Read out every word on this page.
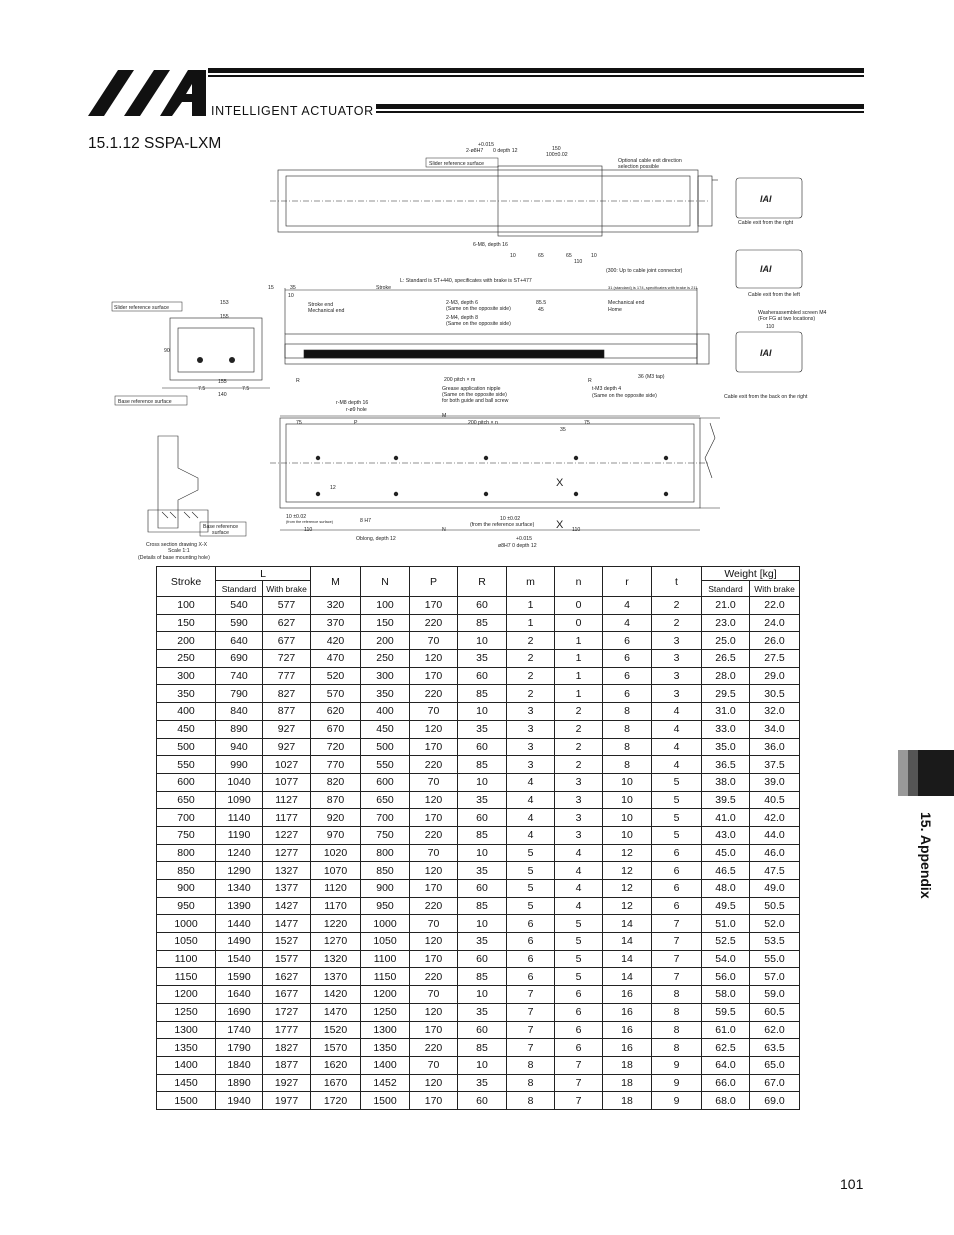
INTELLIGENT ACTUATOR
15.1.12 SSPA-LXM
IAI
IAI
IAI
+0.015
2-ø8H7 0 depth 12	150
100±0.02
Slider reference surface	Optional cable exit direction
selection possible
6-M8, depth 16
10	65	65	10
110
Cable exit from the right
(300: Up to cable joint connector)
L: Standard is ST+440, specificates with brake is ST+477
Stroke
15	35
10
Stroke end
Mechanical end
2-M3, depth 6
(Same on the opposite side)
2-M4, depth 8
(Same on the opposite side)
85.5
45
Mechanical end
Home
31 (standard) is 174, specificates with brake is 211
Cable exit from the left
Washerassembled screen M4
(For FG at two locations)
110
153
155
90
7.5	7.5
155
140
Base reference surface
Slider reference surface
R	R
200 pitch × m
Grease application nipple
(Same on the opposite side)
for both guide and ball screw
t-M3 depth 4
(Same on the opposite side)
36 (M3 tap)
Cable exit from the back on the right
r-M8 depth 16
r-ø9 hole
M
P
75	75
200 pitch × n
35
12
110	110
10 ±0.02
(from the reference surface)	8 H7
Oblong, depth 12
N
10 ±0.02
(from the reference surface)
+0.015
ø8H7 0 depth 12
Cross section drawing X-X
Scale 1:1
(Details of base mounting hole)
Base reference
surface
X
X
Stroke	L		M	N	P	R	m	n	r	t	Weight [kg]	
	Standard	With brake									Standard	With brake
100	540	577	320	100	170	60	1	0	4	2	21.0	22.0
150	590	627	370	150	220	85	1	0	4	2	23.0	24.0
200	640	677	420	200	70	10	2	1	6	3	25.0	26.0
250	690	727	470	250	120	35	2	1	6	3	26.5	27.5
300	740	777	520	300	170	60	2	1	6	3	28.0	29.0
350	790	827	570	350	220	85	2	1	6	3	29.5	30.5
400	840	877	620	400	70	10	3	2	8	4	31.0	32.0
450	890	927	670	450	120	35	3	2	8	4	33.0	34.0
500	940	927	720	500	170	60	3	2	8	4	35.0	36.0
550	990	1027	770	550	220	85	3	2	8	4	36.5	37.5
600	1040	1077	820	600	70	10	4	3	10	5	38.0	39.0
650	1090	1127	870	650	120	35	4	3	10	5	39.5	40.5
700	1140	1177	920	700	170	60	4	3	10	5	41.0	42.0
750	1190	1227	970	750	220	85	4	3	10	5	43.0	44.0
800	1240	1277	1020	800	70	10	5	4	12	6	45.0	46.0
850	1290	1327	1070	850	120	35	5	4	12	6	46.5	47.5
900	1340	1377	1120	900	170	60	5	4	12	6	48.0	49.0
950	1390	1427	1170	950	220	85	5	4	12	6	49.5	50.5
1000	1440	1477	1220	1000	70	10	6	5	14	7	51.0	52.0
1050	1490	1527	1270	1050	120	35	6	5	14	7	52.5	53.5
1100	1540	1577	1320	1100	170	60	6	5	14	7	54.0	55.0
1150	1590	1627	1370	1150	220	85	6	5	14	7	56.0	57.0
1200	1640	1677	1420	1200	70	10	7	6	16	8	58.0	59.0
1250	1690	1727	1470	1250	120	35	7	6	16	8	59.5	60.5
1300	1740	1777	1520	1300	170	60	7	6	16	8	61.0	62.0
1350	1790	1827	1570	1350	220	85	7	6	16	8	62.5	63.5
1400	1840	1877	1620	1400	70	10	8	7	18	9	64.0	65.0
1450	1890	1927	1670	1452	120	35	8	7	18	9	66.0	67.0
1500	1940	1977	1720	1500	170	60	8	7	18	9	68.0	69.0
15. Appendix
101
